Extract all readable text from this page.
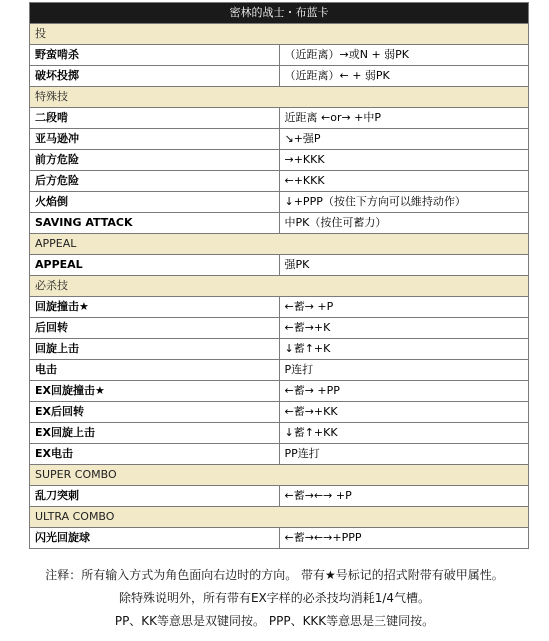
密林的战士・布蓝卡	
投	
野蛮啃杀	（近距离）→或N + 弱PK
破坏投掷	（近距离）← + 弱PK
特殊技	
二段啃	近距离 ←or→ +中P
亚马逊冲	↘+强P
前方危险	→+KKK
后方危险	←+KKK
火焰倒	↓+PPP（按住下方向可以維持动作）
SAVING ATTACK	中PK（按住可蓄力）
APPEAL	
APPEAL	强PK
必杀技	
回旋撞击★	←蓄→ +P
后回转	←蓄→+K
回旋上击	↓蓄↑+K
电击	P连打
EX回旋撞击★	←蓄→ +PP
EX后回转	←蓄→+KK
EX回旋上击	↓蓄↑+KK
EX电击	PP连打
SUPER COMBO	
乱刀突刺	←蓄→←→ +P
ULTRA COMBO	
闪光回旋球	←蓄→←→+PPP
注释：所有输入方式为角色面向右边时的方向。 带有★号标记的招式附带有破甲属性。
除特殊说明外，所有带有EX字样的必杀技均消耗1/4气槽。
PP、KK等意思是双键同按。 PPP、KKK等意思是三键同按。
